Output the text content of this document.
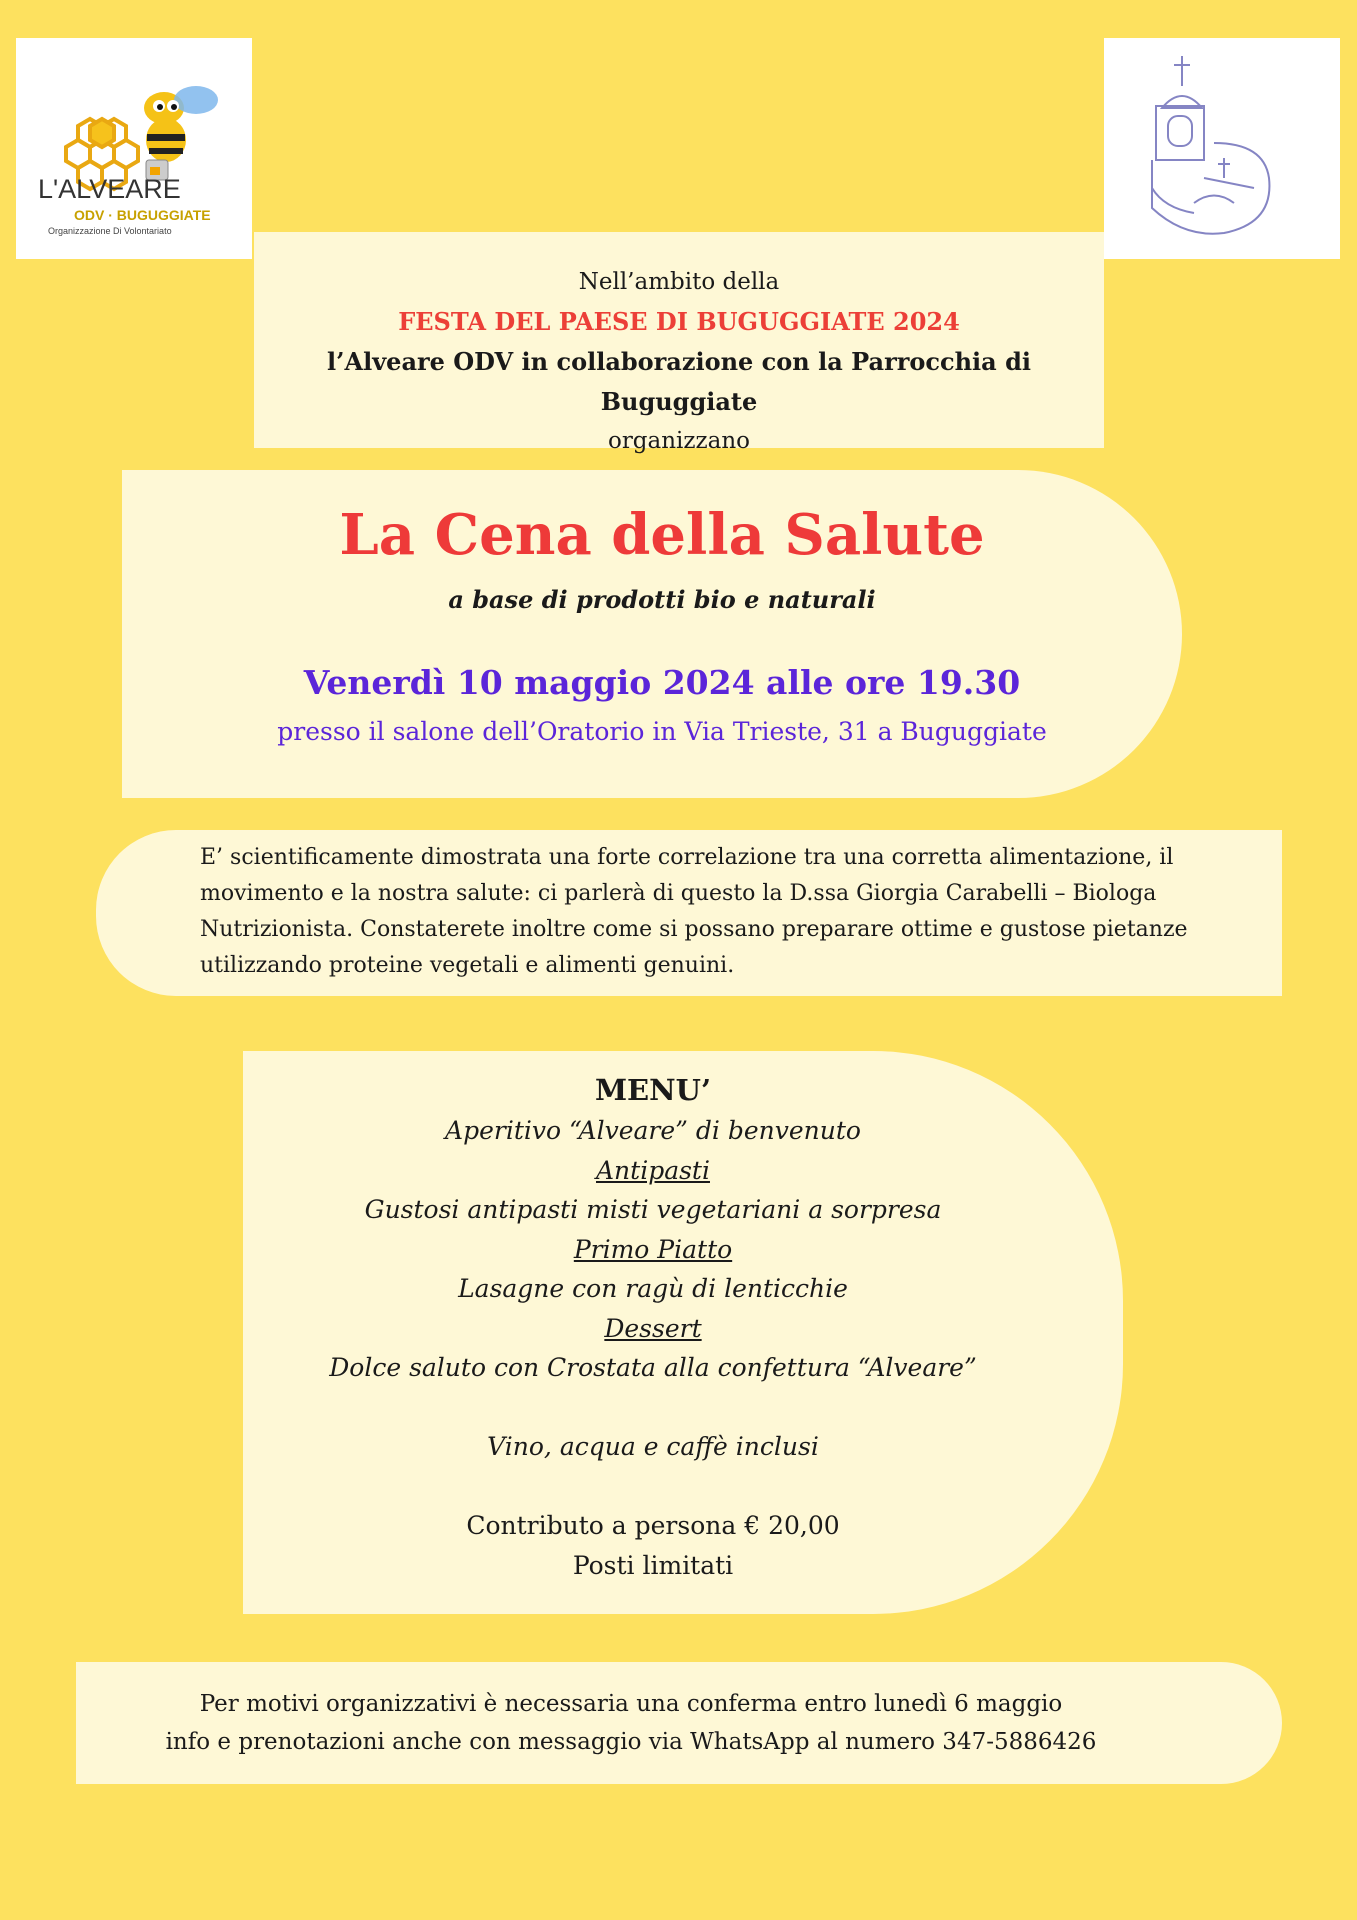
L'ALVEARE
ODV · BUGUGGIATE
Organizzazione Di Volontariato
Nell’ambito della
FESTA DEL PAESE DI BUGUGGIATE 2024
l’Alveare ODV in collaborazione con la Parrocchia di Buguggiate
organizzano
La Cena della Salute
a base di prodotti bio e naturali
Venerdì 10 maggio 2024 alle ore 19.30
presso il salone dell’Oratorio in Via Trieste, 31 a Buguggiate
E’ scientificamente dimostrata una forte correlazione tra una corretta alimentazione, il movimento e la nostra salute: ci parlerà di questo la D.ssa Giorgia Carabelli – Biologa Nutrizionista. Constaterete inoltre come si possano preparare ottime e gustose pietanze utilizzando proteine vegetali e alimenti genuini.
MENU’
Aperitivo “Alveare” di benvenuto
Antipasti
Gustosi antipasti misti vegetariani a sorpresa
Primo Piatto
Lasagne con ragù di lenticchie
Dessert
Dolce saluto con Crostata alla confettura “Alveare”
Vino, acqua e caffè inclusi
Contributo a persona € 20,00
Posti limitati
Per motivi organizzativi è necessaria una conferma entro lunedì 6 maggio
info e prenotazioni anche con messaggio via WhatsApp al numero 347-5886426
